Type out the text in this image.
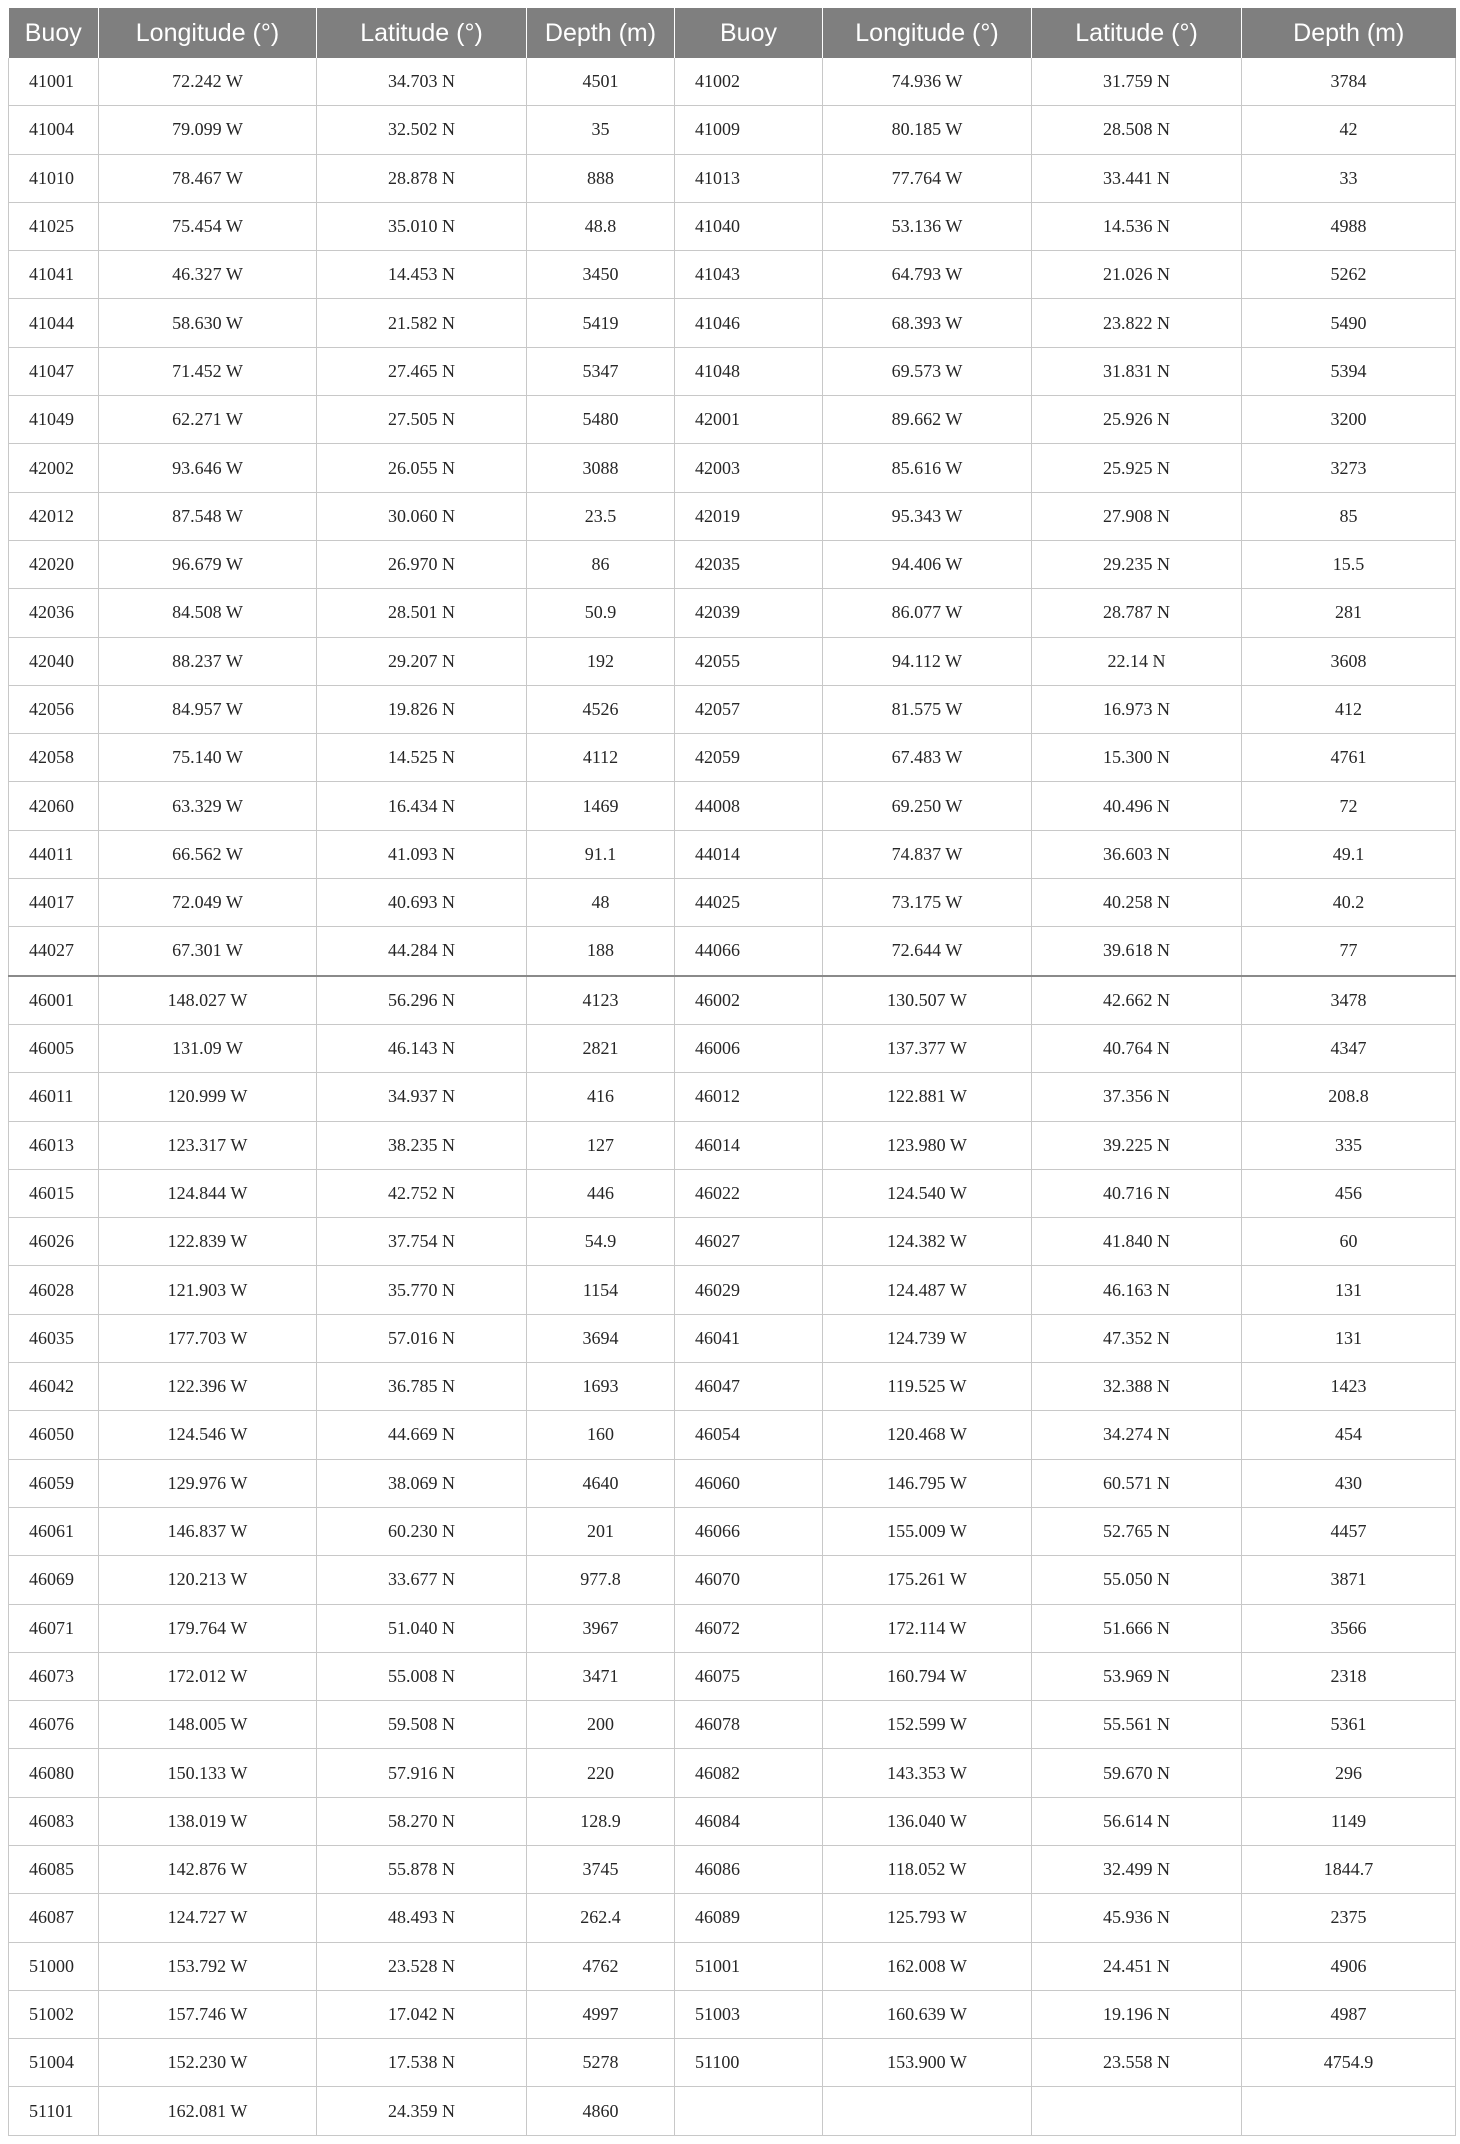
Buoy	Longitude (°)	Latitude (°)	Depth (m)	Buoy	Longitude (°)	Latitude (°)	Depth (m)
41001	72.242 W	34.703 N	4501	41002	74.936 W	31.759 N	3784
41004	79.099 W	32.502 N	35	41009	80.185 W	28.508 N	42
41010	78.467 W	28.878 N	888	41013	77.764 W	33.441 N	33
41025	75.454 W	35.010 N	48.8	41040	53.136 W	14.536 N	4988
41041	46.327 W	14.453 N	3450	41043	64.793 W	21.026 N	5262
41044	58.630 W	21.582 N	5419	41046	68.393 W	23.822 N	5490
41047	71.452 W	27.465 N	5347	41048	69.573 W	31.831 N	5394
41049	62.271 W	27.505 N	5480	42001	89.662 W	25.926 N	3200
42002	93.646 W	26.055 N	3088	42003	85.616 W	25.925 N	3273
42012	87.548 W	30.060 N	23.5	42019	95.343 W	27.908 N	85
42020	96.679 W	26.970 N	86	42035	94.406 W	29.235 N	15.5
42036	84.508 W	28.501 N	50.9	42039	86.077 W	28.787 N	281
42040	88.237 W	29.207 N	192	42055	94.112 W	22.14 N	3608
42056	84.957 W	19.826 N	4526	42057	81.575 W	16.973 N	412
42058	75.140 W	14.525 N	4112	42059	67.483 W	15.300 N	4761
42060	63.329 W	16.434 N	1469	44008	69.250 W	40.496 N	72
44011	66.562 W	41.093 N	91.1	44014	74.837 W	36.603 N	49.1
44017	72.049 W	40.693 N	48	44025	73.175 W	40.258 N	40.2
44027	67.301 W	44.284 N	188	44066	72.644 W	39.618 N	77
46001	148.027 W	56.296 N	4123	46002	130.507 W	42.662 N	3478
46005	131.09 W	46.143 N	2821	46006	137.377 W	40.764 N	4347
46011	120.999 W	34.937 N	416	46012	122.881 W	37.356 N	208.8
46013	123.317 W	38.235 N	127	46014	123.980 W	39.225 N	335
46015	124.844 W	42.752 N	446	46022	124.540 W	40.716 N	456
46026	122.839 W	37.754 N	54.9	46027	124.382 W	41.840 N	60
46028	121.903 W	35.770 N	1154	46029	124.487 W	46.163 N	131
46035	177.703 W	57.016 N	3694	46041	124.739 W	47.352 N	131
46042	122.396 W	36.785 N	1693	46047	119.525 W	32.388 N	1423
46050	124.546 W	44.669 N	160	46054	120.468 W	34.274 N	454
46059	129.976 W	38.069 N	4640	46060	146.795 W	60.571 N	430
46061	146.837 W	60.230 N	201	46066	155.009 W	52.765 N	4457
46069	120.213 W	33.677 N	977.8	46070	175.261 W	55.050 N	3871
46071	179.764 W	51.040 N	3967	46072	172.114 W	51.666 N	3566
46073	172.012 W	55.008 N	3471	46075	160.794 W	53.969 N	2318
46076	148.005 W	59.508 N	200	46078	152.599 W	55.561 N	5361
46080	150.133 W	57.916 N	220	46082	143.353 W	59.670 N	296
46083	138.019 W	58.270 N	128.9	46084	136.040 W	56.614 N	1149
46085	142.876 W	55.878 N	3745	46086	118.052 W	32.499 N	1844.7
46087	124.727 W	48.493 N	262.4	46089	125.793 W	45.936 N	2375
51000	153.792 W	23.528 N	4762	51001	162.008 W	24.451 N	4906
51002	157.746 W	17.042 N	4997	51003	160.639 W	19.196 N	4987
51004	152.230 W	17.538 N	5278	51100	153.900 W	23.558 N	4754.9
51101	162.081 W	24.359 N	4860				
